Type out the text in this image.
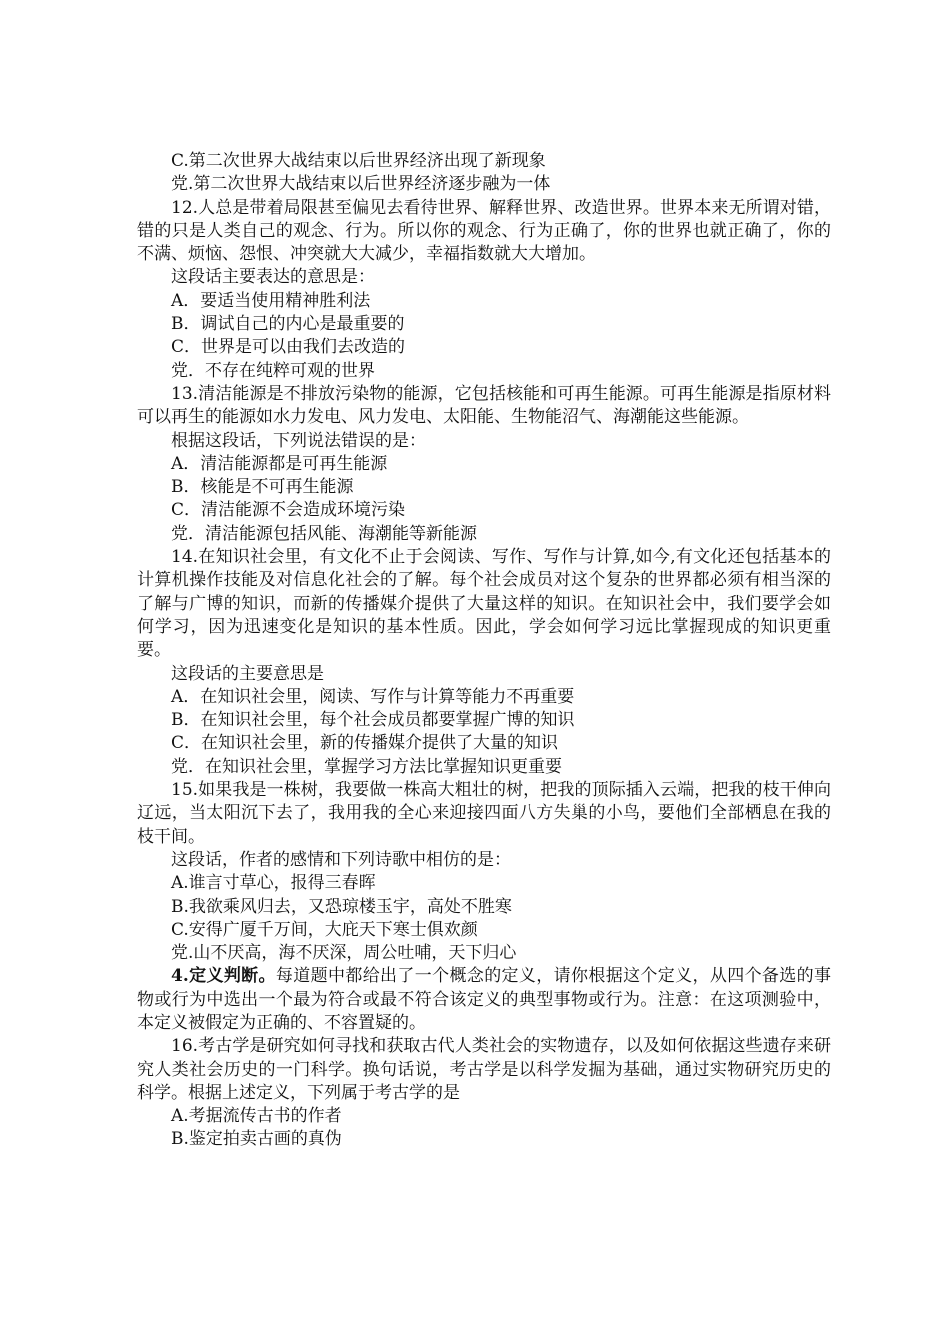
C.第二次世界大战结束以后世界经济出现了新现象

党.第二次世界大战结束以后世界经济逐步融为一体

12.人总是带着局限甚至偏见去看待世界、解释世界、改造世界。世界本来无所谓对错，错的只是人类自己的观念、行为。所以你的观念、行为正确了，你的世界也就正确了，你的不满、烦恼、怨恨、冲突就大大减少，幸福指数就大大增加。

这段话主要表达的意思是：

A．要适当使用精神胜利法

B．调试自己的内心是最重要的

C．世界是可以由我们去改造的

党．不存在纯粹可观的世界

13.清洁能源是不排放污染物的能源，它包括核能和可再生能源。可再生能源是指原材料可以再生的能源如水力发电、风力发电、太阳能、生物能沼气、海潮能这些能源。

根据这段话，下列说法错误的是：

A．清洁能源都是可再生能源

B．核能是不可再生能源

C．清洁能源不会造成环境污染

党．清洁能源包括风能、海潮能等新能源

14.在知识社会里，有文化不止于会阅读、写作、写作与计算,如今,有文化还包括基本的计算机操作技能及对信息化社会的了解。每个社会成员对这个复杂的世界都必须有相当深的了解与广博的知识，而新的传播媒介提供了大量这样的知识。在知识社会中，我们要学会如何学习，因为迅速变化是知识的基本性质。因此，学会如何学习远比掌握现成的知识更重要。

这段话的主要意思是

A．在知识社会里，阅读、写作与计算等能力不再重要

B．在知识社会里，每个社会成员都要掌握广博的知识

C．在知识社会里，新的传播媒介提供了大量的知识

党．在知识社会里，掌握学习方法比掌握知识更重要

15.如果我是一株树，我要做一株高大粗壮的树，把我的顶际插入云端，把我的枝干伸向辽远，当太阳沉下去了，我用我的全心来迎接四面八方失巢的小鸟，要他们全部栖息在我的枝干间。

这段话，作者的感情和下列诗歌中相仿的是：

A.谁言寸草心，报得三春晖

B.我欲乘风归去，又恐琼楼玉宇，高处不胜寒

C.安得广厦千万间，大庇天下寒士俱欢颜

党.山不厌高，海不厌深，周公吐哺，天下归心

4.定义判断。每道题中都给出了一个概念的定义，请你根据这个定义，从四个备选的事物或行为中选出一个最为符合或最不符合该定义的典型事物或行为。注意：在这项测验中，本定义被假定为正确的、不容置疑的。

16.考古学是研究如何寻找和获取古代人类社会的实物遗存，以及如何依据这些遗存来研究人类社会历史的一门科学。换句话说，考古学是以科学发掘为基础，通过实物研究历史的科学。根据上述定义，下列属于考古学的是

A.考据流传古书的作者

B.鉴定拍卖古画的真伪
